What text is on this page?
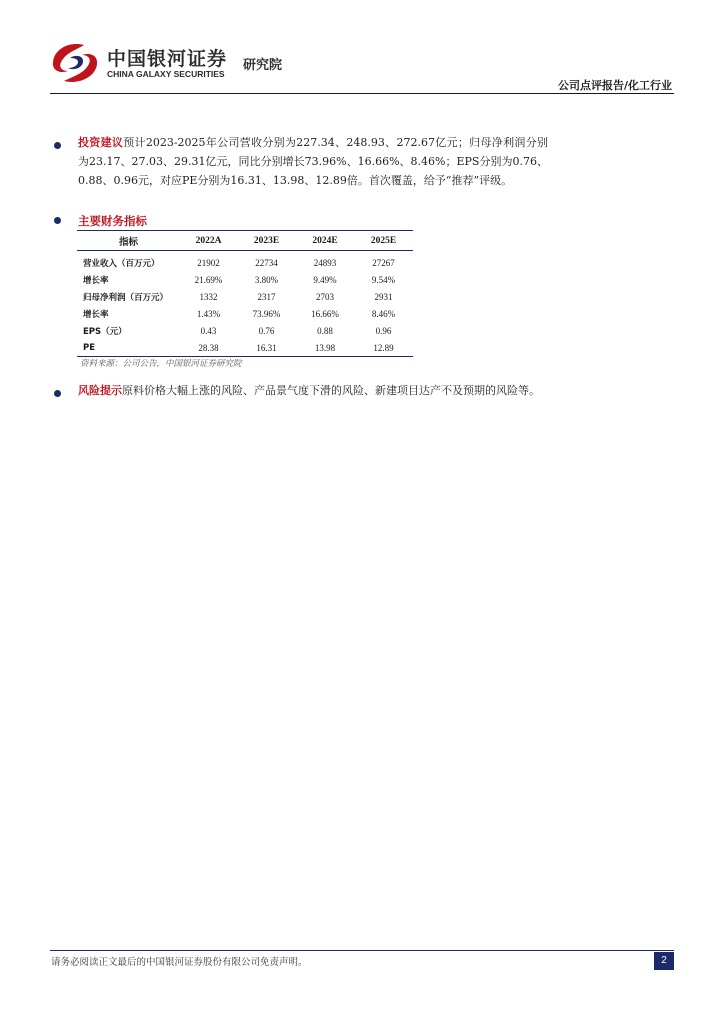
中国银河证券
CHINA GALAXY SECURITIES
研究院
公司点评报告/化工行业
投资建议预计2023-2025年公司营收分别为227.34、248.93、272.67亿元；归母净利润分别为23.17、27.03、29.31亿元，同比分别增长73.96%、16.66%、8.46%；EPS分别为0.76、0.88、0.96元，对应PE分别为16.31、13.98、12.89倍。首次覆盖，给予“推荐”评级。
主要财务指标
指标	2022A	2023E	2024E	2025E
营业收入（百万元）	21902	22734	24893	27267
增长率	21.69%	3.80%	9.49%	9.54%
归母净利润（百万元）	1332	2317	2703	2931
增长率	1.43%	73.96%	16.66%	8.46%
EPS（元）	0.43	0.76	0.88	0.96
PE	28.38	16.31	13.98	12.89
资料来源：公司公告，中国银河证券研究院
风险提示原料价格大幅上涨的风险、产品景气度下滑的风险、新建项目达产不及预期的风险等。
请务必阅读正文最后的中国银河证券股份有限公司免责声明。	2
